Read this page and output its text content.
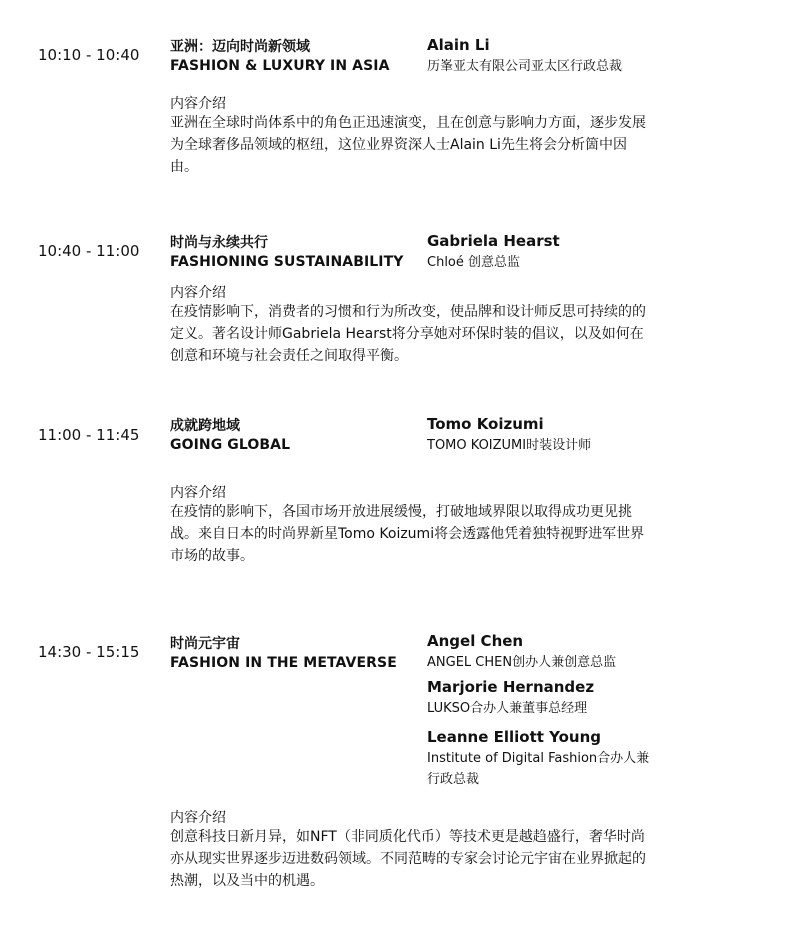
10:10 - 10:40 亚洲：迈向时尚新领域
FASHION & LUXURY IN ASIA
Alain Li
历峯亚太有限公司亚太区行政总裁
内容介绍
亚洲在全球时尚体系中的角色正迅速演变，且在创意与影响力方面，逐步发展为全球奢侈品领域的枢纽，这位业界资深人士Alain Li先生将会分析箇中因由。
10:40 - 11:00 时尚与永续共行
FASHIONING SUSTAINABILITY
Gabriela Hearst
Chloé 创意总监
内容介绍
在疫情影响下，消费者的习惯和行为所改变，使品牌和设计师反思可持续的的定义。著名设计师Gabriela Hearst将分享她对环保时装的倡议，以及如何在创意和环境与社会责任之间取得平衡。
11:00 - 11:45 成就跨地域
GOING GLOBAL
Tomo Koizumi
TOMO KOIZUMI时装设计师
内容介绍
在疫情的影响下，各国市场开放进展缓慢，打破地域界限以取得成功更见挑战。来自日本的时尚界新星Tomo Koizumi将会透露他凭着独特视野进军世界市场的故事。
14:30 - 15:15 时尚元宇宙
FASHION IN THE METAVERSE
Angel Chen
ANGEL CHEN创办人兼创意总监
Marjorie Hernandez
LUKSO合办人兼董事总经理
Leanne Elliott Young
Institute of Digital Fashion合办人兼行政总裁
内容介绍
创意科技日新月异，如NFT（非同质化代币）等技术更是越趋盛行，奢华时尚亦从现实世界逐步迈进数码领域。不同范畴的专家会讨论元宇宙在业界掀起的热潮，以及当中的机遇。
